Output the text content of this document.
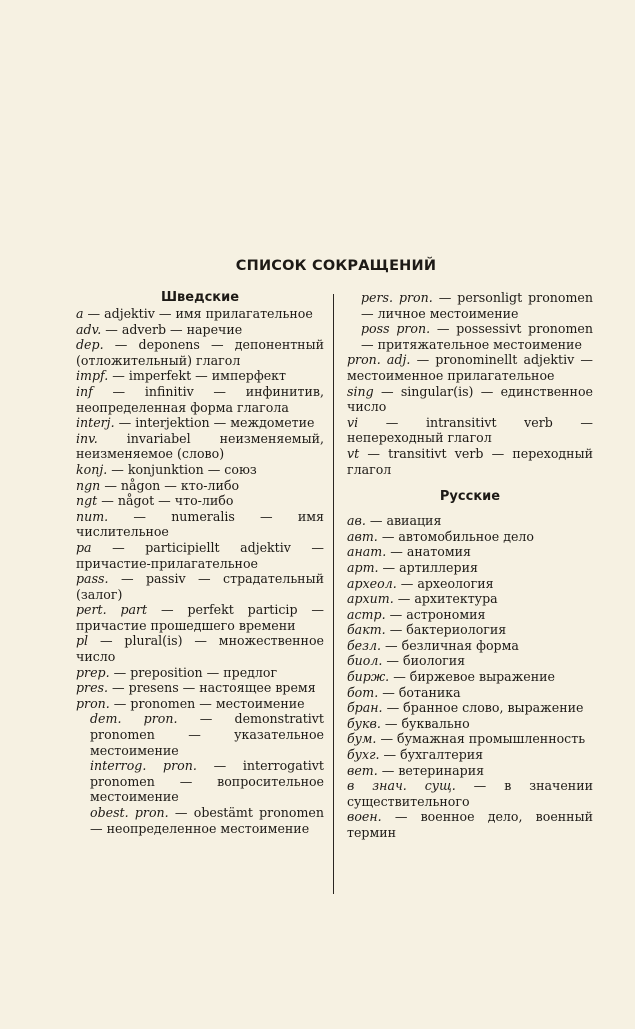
СПИСОК СОКРАЩЕНИЙ
Шведские
a — adjektiv — имя прилагательное
adv. — adverb — наречие
dep. — deponens — депонентный (отложительный) глагол
impf. — imperfekt — имперфект
inf — infinitiv — инфинитив, неопределенная форма глагола
interj. — interjektion — междометие
inv. invariabel неизменяемый, неизменяемое (слово)
konj. — konjunktion — союз
ngn — någon — кто-либо
ngt — något — что-либо
num. — numeralis — имя числительное
pa — participiellt adjektiv — причастие-прилагательное
pass. — passiv — страдательный (залог)
pert. part — perfekt particip — причастие прошедшего времени
pl — plural(is) — множественное число
prep. — preposition — предлог
pres. — presens — настоящее время
pron. — pronomen — местоимение
dem. pron. — demonstrativt pronomen — указательное местоимение
interrog. pron. — interrogativt pronomen — вопросительное местоимение
obest. pron. — obestämt pronomen — неопределенное местоимение
pers. pron. — personligt pronomen — личное местоимение
poss pron. — possessivt pronomen — притяжательное местоимение
pron. adj. — pronominellt adjektiv — местоименное прилагательное
sing — singular(is) — единственное число
vi — intransitivt verb — непереходный глагол
vt — transitivt verb — переходный глагол
Русские
ав. — авиация
авт. — автомобильное дело
анат. — анатомия
арт. — артиллерия
археол. — археология
архит. — архитектура
астр. — астрономия
бакт. — бактериология
безл. — безличная форма
биол. — биология
бирж. — биржевое выражение
бот. — ботаника
бран. — бранное слово, выражение
букв. — буквально
бум. — бумажная промышленность
бухг. — бухгалтерия
вет. — ветеринария
в знач. сущ. — в значении существительного
воен. — военное дело, военный термин
